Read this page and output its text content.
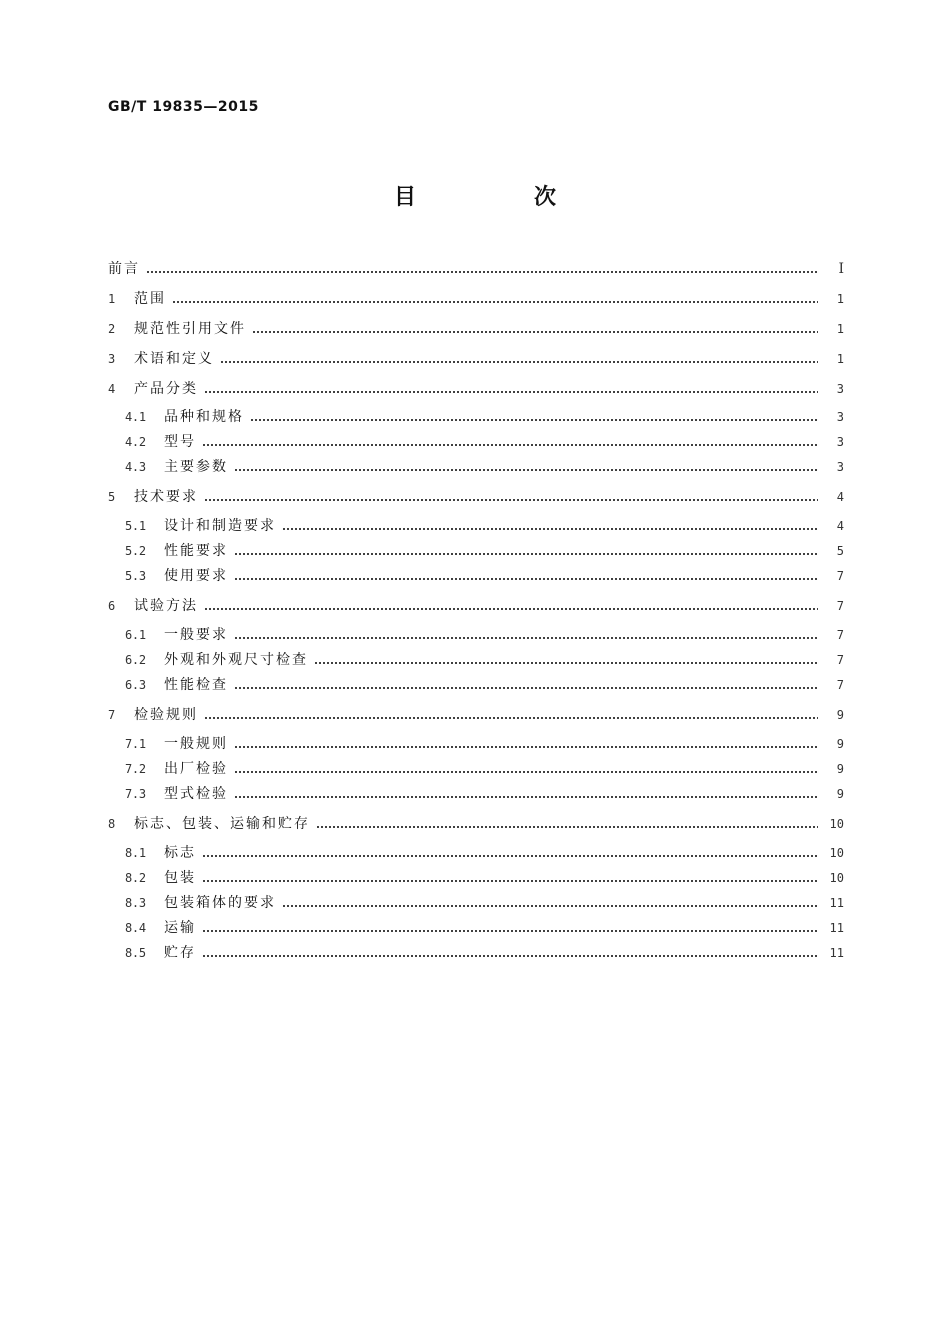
GB/T 19835—2015
目　次
前言	Ⅰ
1	范围	1
2	规范性引用文件	1
3	术语和定义	1
4	产品分类	3
4.1	品种和规格	3
4.2	型号	3
4.3	主要参数	3
5	技术要求	4
5.1	设计和制造要求	4
5.2	性能要求	5
5.3	使用要求	7
6	试验方法	7
6.1	一般要求	7
6.2	外观和外观尺寸检查	7
6.3	性能检查	7
7	检验规则	9
7.1	一般规则	9
7.2	出厂检验	9
7.3	型式检验	9
8	标志、包装、运输和贮存	10
8.1	标志	10
8.2	包装	10
8.3	包装箱体的要求	11
8.4	运输	11
8.5	贮存	11
